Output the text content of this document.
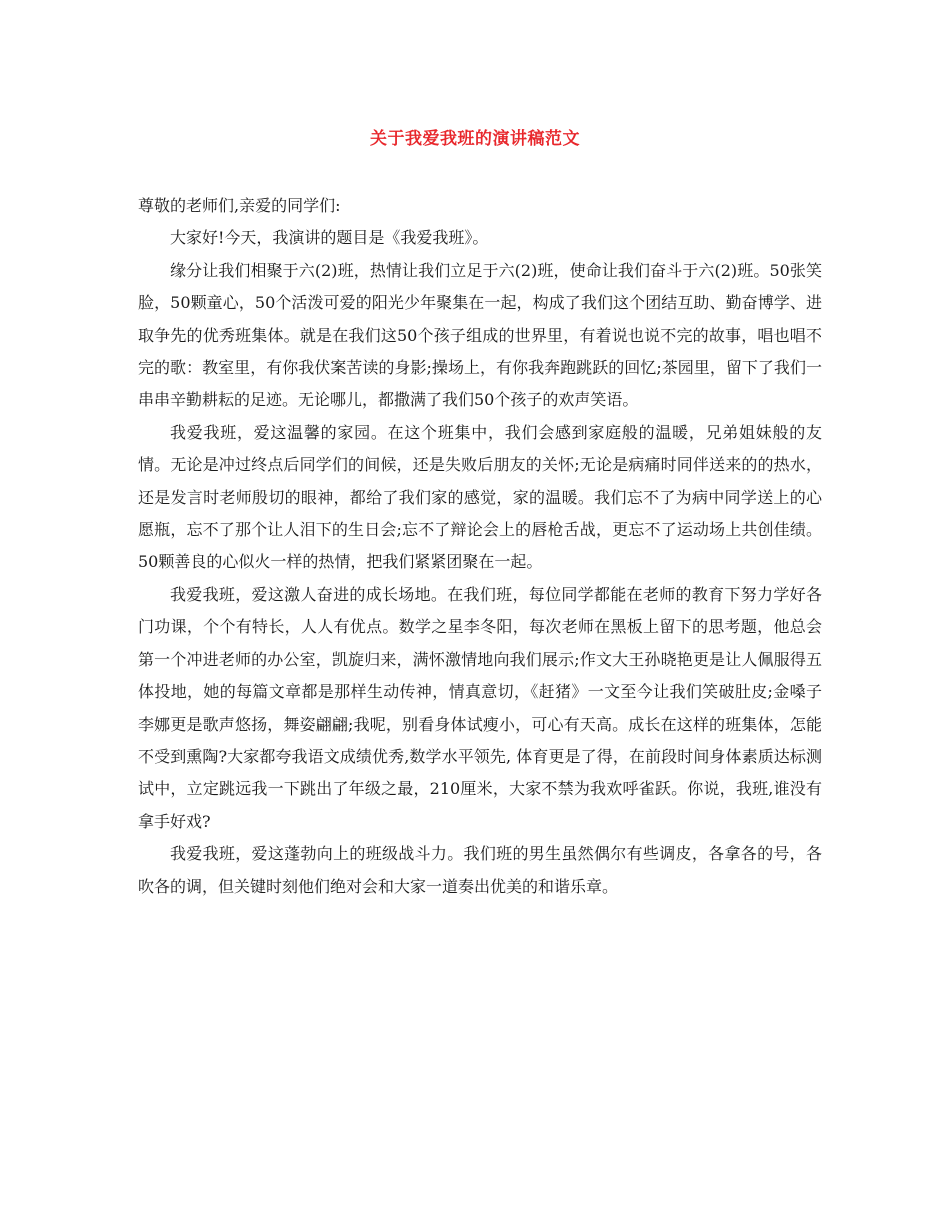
关于我爱我班的演讲稿范文

尊敬的老师们,亲爱的同学们:

大家好!今天，我演讲的题目是《我爱我班》。

缘分让我们相聚于六(2)班，热情让我们立足于六(2)班，使命让我们奋斗于六(2)班。50张笑脸，50颗童心，50个活泼可爱的阳光少年聚集在一起，构成了我们这个团结互助、勤奋博学、进取争先的优秀班集体。就是在我们这50个孩子组成的世界里，有着说也说不完的故事，唱也唱不完的歌：教室里，有你我伏案苦读的身影;操场上，有你我奔跑跳跃的回忆;茶园里，留下了我们一串串辛勤耕耘的足迹。无论哪儿，都撒满了我们50个孩子的欢声笑语。

我爱我班，爱这温馨的家园。在这个班集中，我们会感到家庭般的温暖，兄弟姐妹般的友情。无论是冲过终点后同学们的间候，还是失败后朋友的关怀;无论是病痛时同伴送来的的热水，还是发言时老师殷切的眼神，都给了我们家的感觉，家的温暖。我们忘不了为病中同学送上的心愿瓶，忘不了那个让人泪下的生日会;忘不了辩论会上的唇枪舌战，更忘不了运动场上共创佳绩。50颗善良的心似火一样的热情，把我们紧紧团聚在一起。

我爱我班，爱这激人奋进的成长场地。在我们班，每位同学都能在老师的教育下努力学好各门功课，个个有特长，人人有优点。数学之星李冬阳，每次老师在黑板上留下的思考题，他总会第一个冲进老师的办公室，凯旋归来，满怀激情地向我们展示;作文大王孙晓艳更是让人佩服得五体投地，她的每篇文章都是那样生动传神，情真意切，《赶猪》一文至今让我们笑破肚皮;金嗓子李娜更是歌声悠扬，舞姿翩翩;我呢，别看身体试瘦小，可心有天高。成长在这样的班集体，怎能不受到熏陶?大家都夸我语文成绩优秀,数学水平领先, 体育更是了得，在前段时间身体素质达标测试中，立定跳远我一下跳出了年级之最，210厘米，大家不禁为我欢呼雀跃。你说，我班,谁没有拿手好戏?

我爱我班，爱这蓬勃向上的班级战斗力。我们班的男生虽然偶尔有些调皮，各拿各的号，各吹各的调，但关键时刻他们绝对会和大家一道奏出优美的和谐乐章。
